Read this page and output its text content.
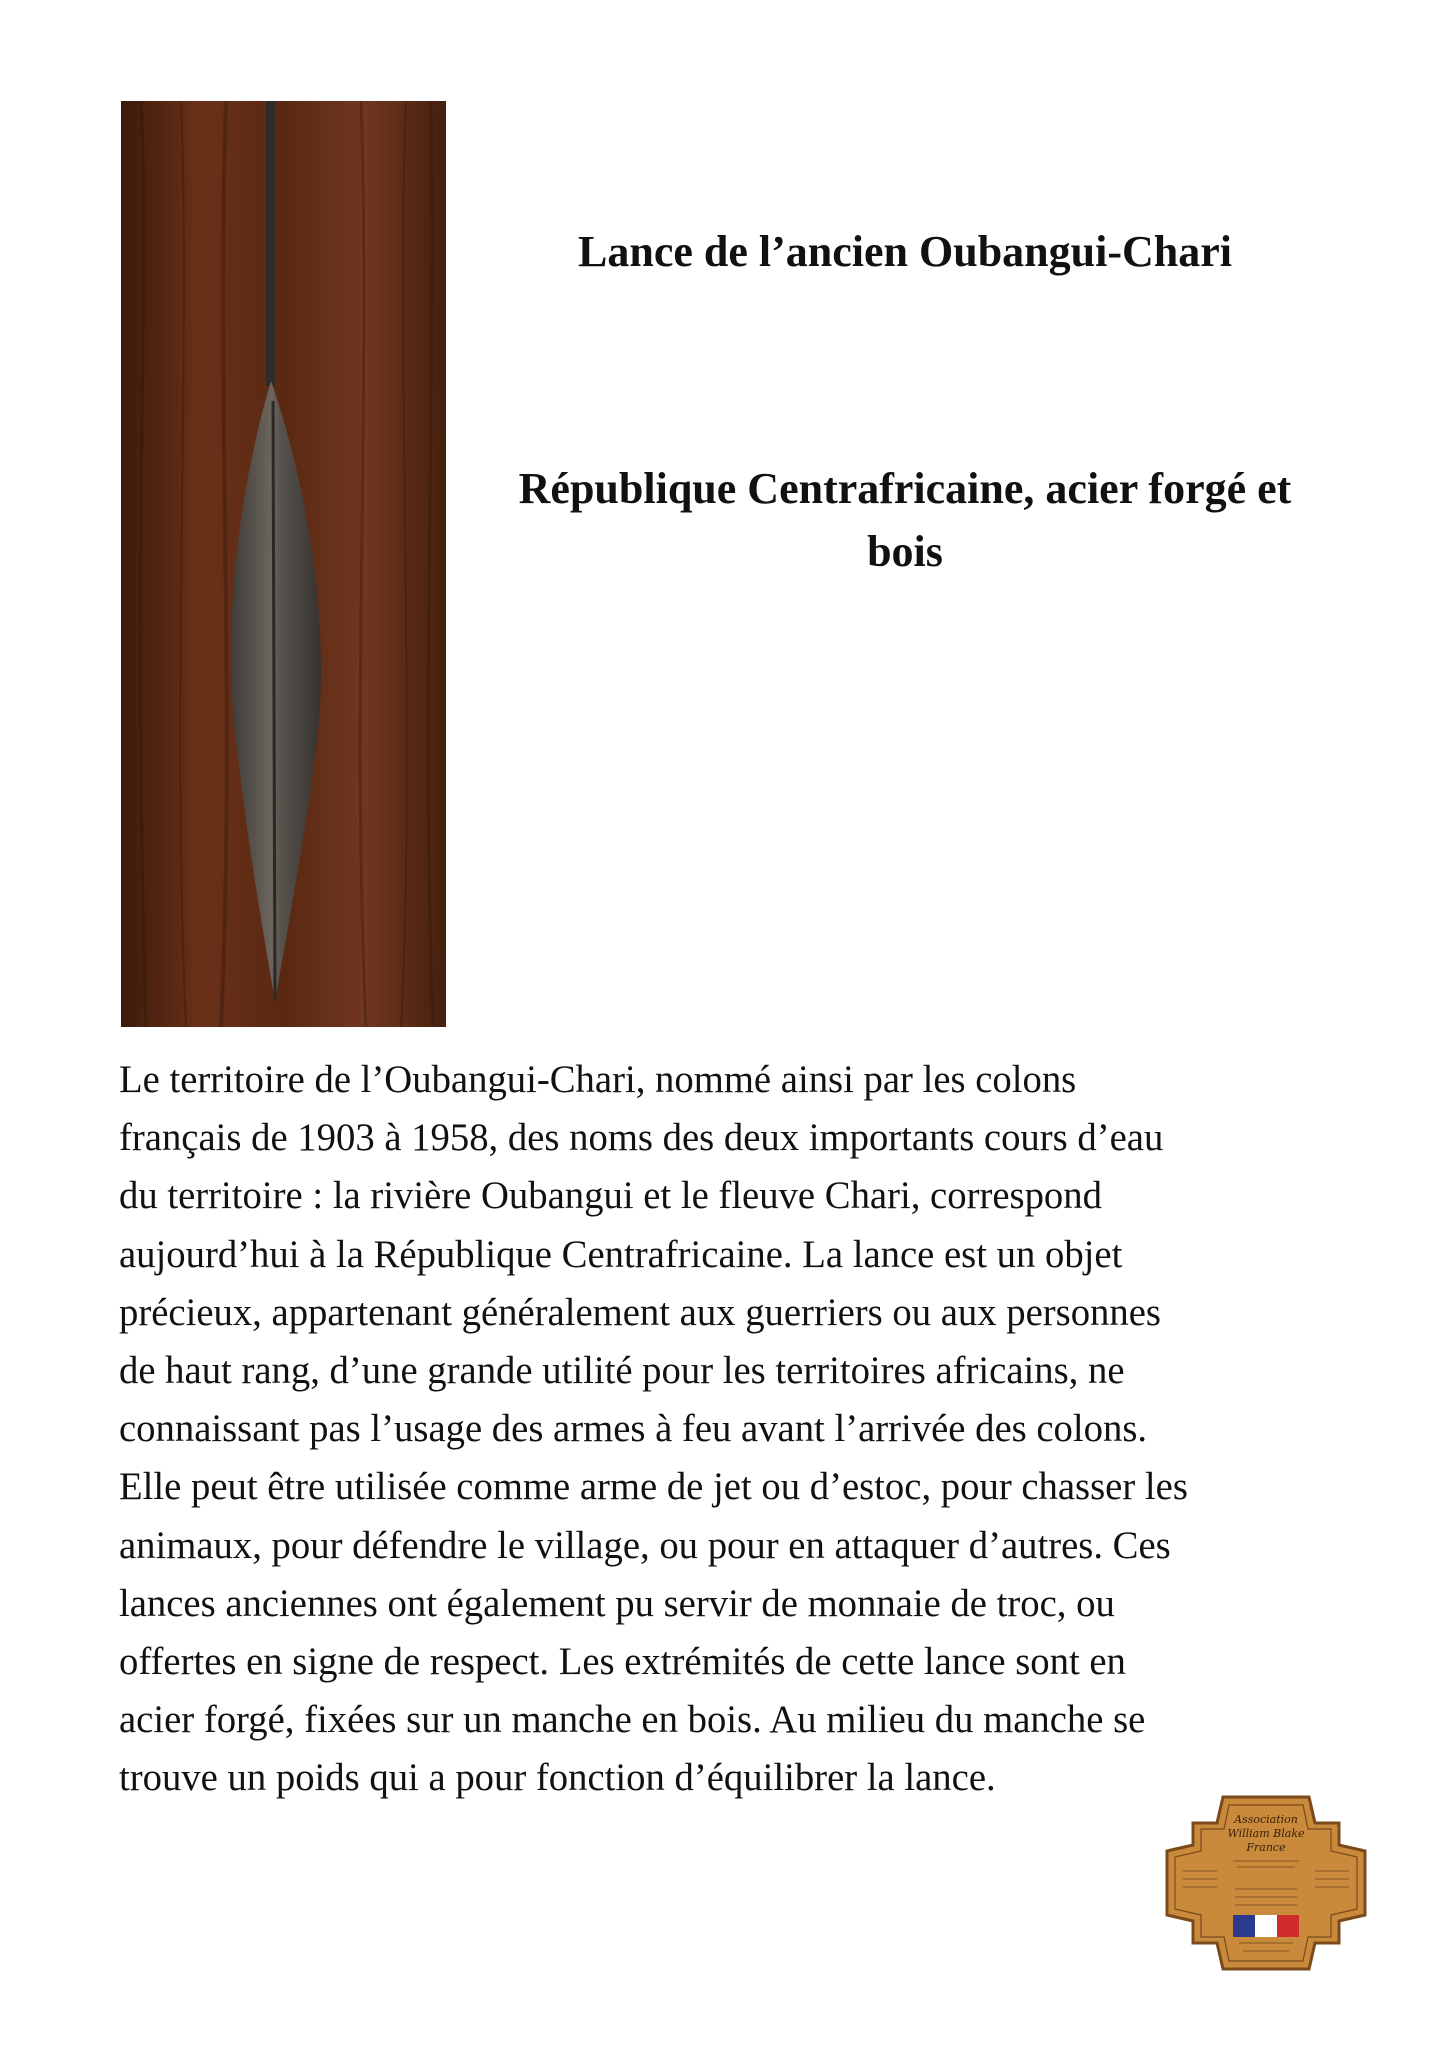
Lance de l’ancien Oubangui-Chari
République Centrafricaine, acier forgé et
bois

Le territoire de l’Oubangui-Chari, nommé ainsi par les colons
français de 1903 à 1958, des noms des deux importants cours d’eau
du territoire : la rivière Oubangui et le fleuve Chari, correspond
aujourd’hui à la République Centrafricaine. La lance est un objet
précieux, appartenant généralement aux guerriers ou aux personnes
de haut rang, d’une grande utilité pour les territoires africains, ne
connaissant pas l’usage des armes à feu avant l’arrivée des colons.
Elle peut être utilisée comme arme de jet ou d’estoc, pour chasser les
animaux, pour défendre le village, ou pour en attaquer d’autres. Ces
lances anciennes ont également pu servir de monnaie de troc, ou
offertes en signe de respect. Les extrémités de cette lance sont en
acier forgé, fixées sur un manche en bois. Au milieu du manche se
trouve un poids qui a pour fonction d’équilibrer la lance.

Association
William Blake
France
